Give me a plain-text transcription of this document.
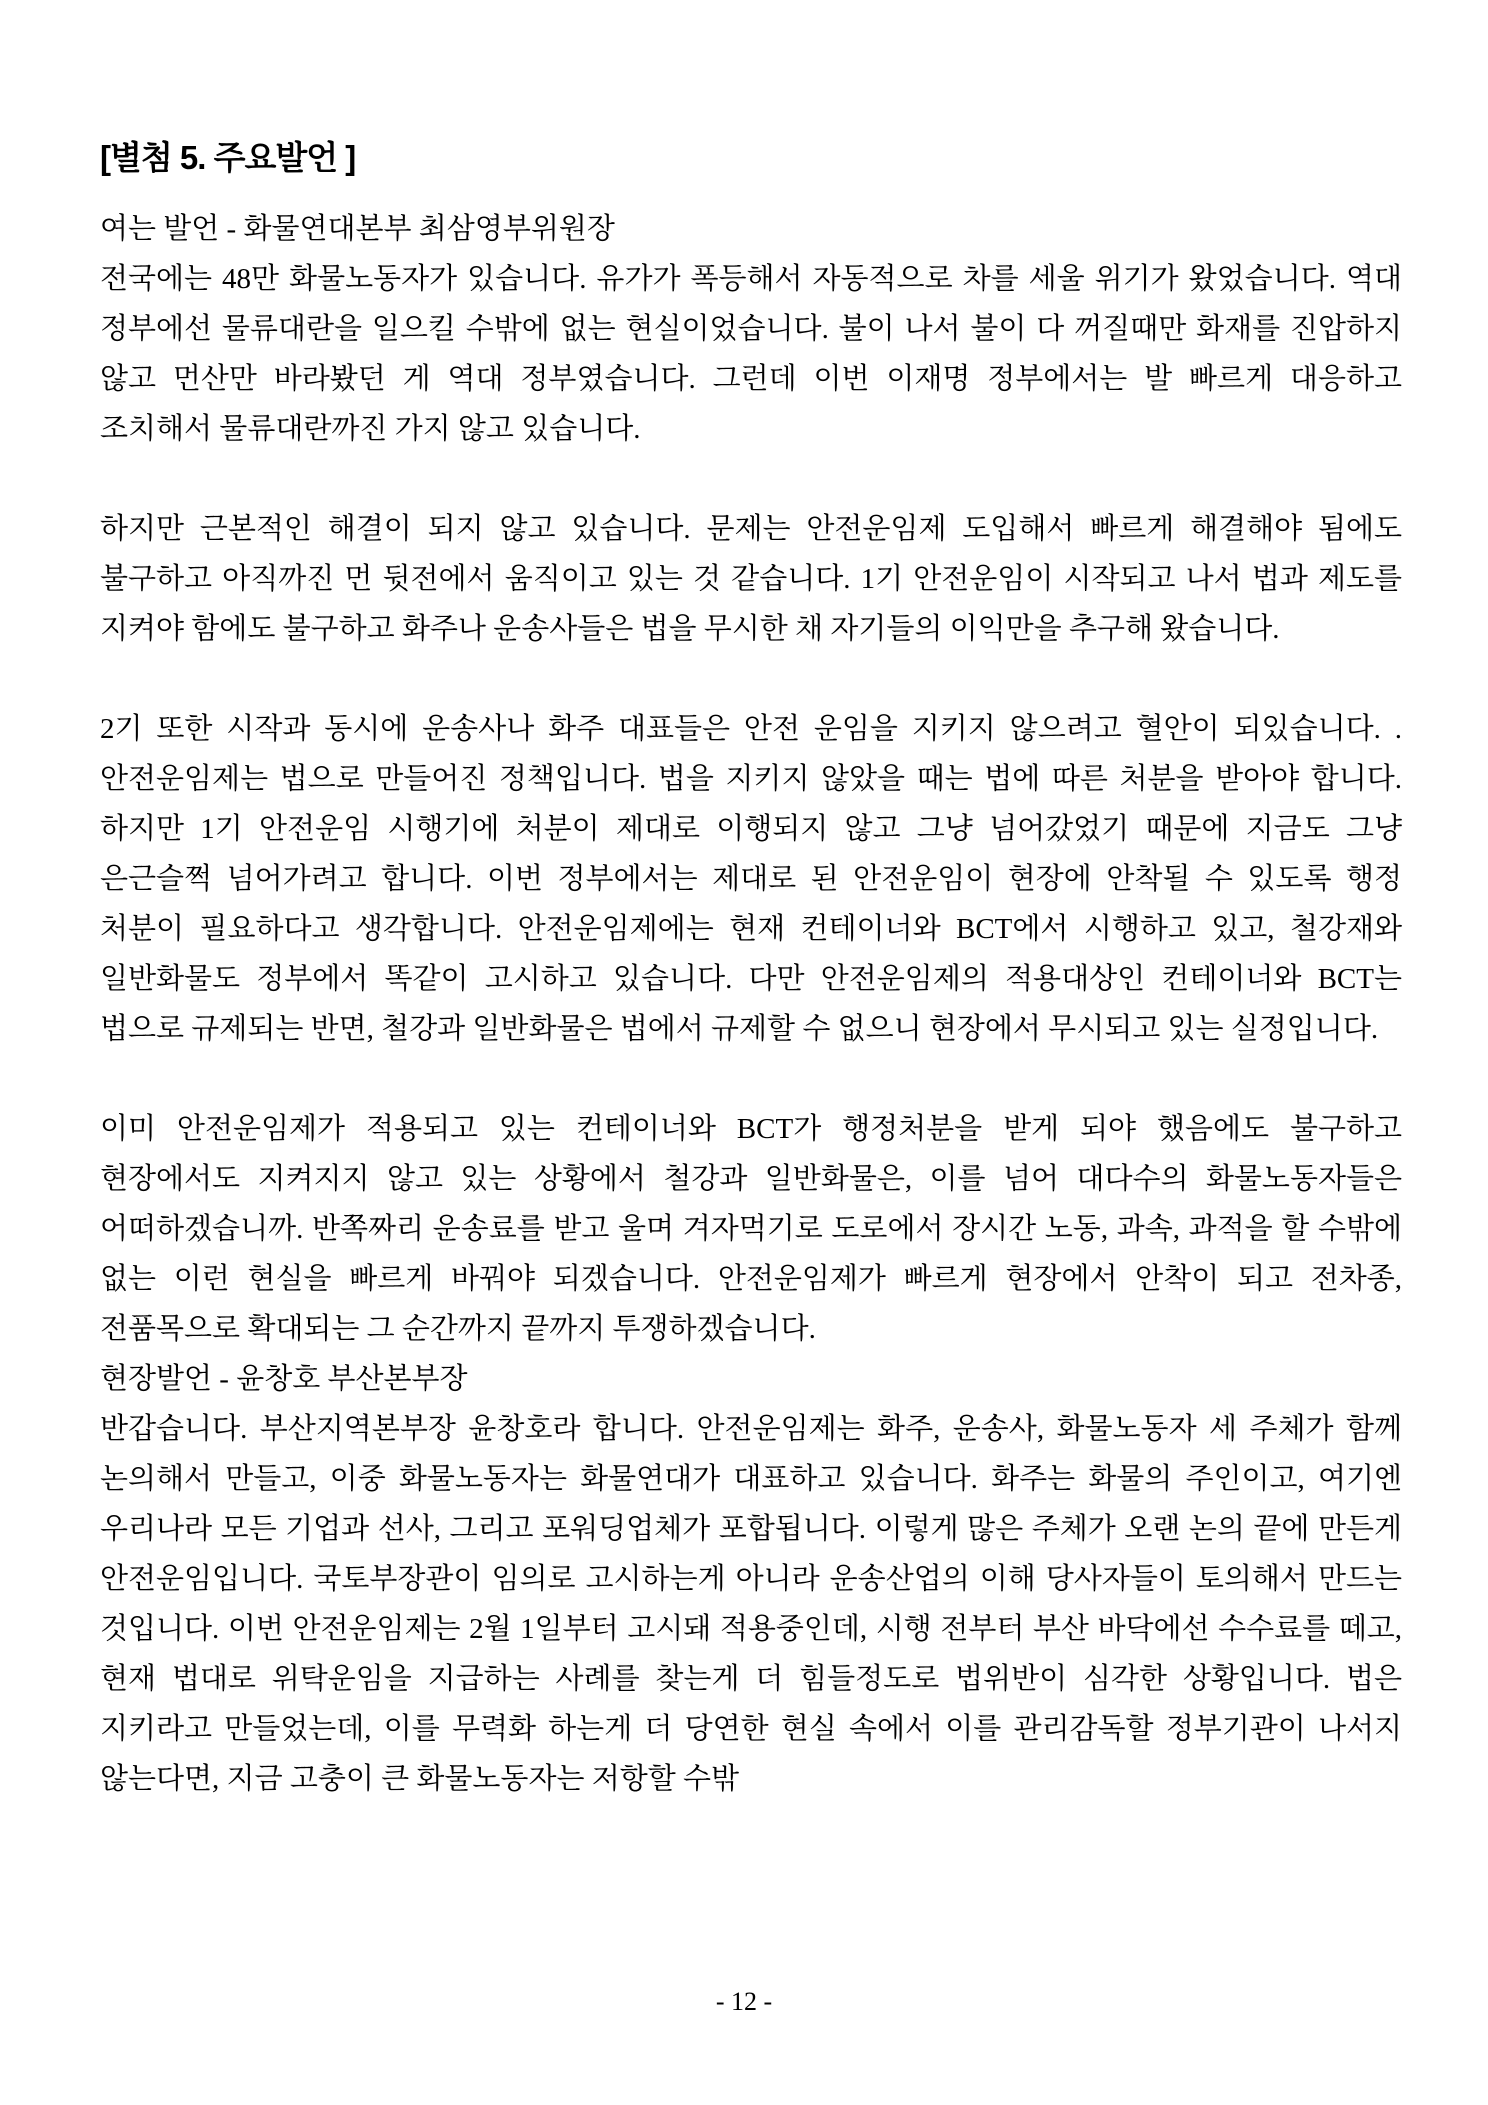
[별첨 5. 주요발언 ]
여는 발언 - 화물연대본부 최삼영부위원장

전국에는 48만 화물노동자가 있습니다. 유가가 폭등해서 자동적으로 차를 세울 위기가 왔었습니다. 역대 정부에선 물류대란을 일으킬 수밖에 없는 현실이었습니다. 불이 나서 불이 다 꺼질때만 화재를 진압하지 않고 먼산만 바라봤던 게 역대 정부였습니다. 그런데 이번 이재명 정부에서는 발 빠르게 대응하고 조치해서 물류대란까진 가지 않고 있습니다.

하지만 근본적인 해결이 되지 않고 있습니다. 문제는 안전운임제 도입해서 빠르게 해결해야 됨에도 불구하고 아직까진 먼 뒷전에서 움직이고 있는 것 같습니다. 1기 안전운임이 시작되고 나서 법과 제도를 지켜야 함에도 불구하고 화주나 운송사들은 법을 무시한 채 자기들의 이익만을 추구해 왔습니다.

2기 또한 시작과 동시에 운송사나 화주 대표들은 안전 운임을 지키지 않으려고 혈안이 되있습니다. .안전운임제는 법으로 만들어진 정책입니다. 법을 지키지 않았을 때는 법에 따른 처분을 받아야 합니다. 하지만 1기 안전운임 시행기에 처분이 제대로 이행되지 않고 그냥 넘어갔었기 때문에 지금도 그냥 은근슬쩍 넘어가려고 합니다. 이번 정부에서는 제대로 된 안전운임이 현장에 안착될 수 있도록 행정 처분이 필요하다고 생각합니다. 안전운임제에는 현재 컨테이너와 BCT에서 시행하고 있고, 철강재와 일반화물도 정부에서 똑같이 고시하고 있습니다. 다만 안전운임제의 적용대상인 컨테이너와 BCT는 법으로 규제되는 반면, 철강과 일반화물은 법에서 규제할 수 없으니 현장에서 무시되고 있는 실정입니다.

이미 안전운임제가 적용되고 있는 컨테이너와 BCT가 행정처분을 받게 되야 했음에도 불구하고 현장에서도 지켜지지 않고 있는 상황에서 철강과 일반화물은, 이를 넘어 대다수의 화물노동자들은 어떠하겠습니까. 반쪽짜리 운송료를 받고 울며 겨자먹기로 도로에서 장시간 노동, 과속, 과적을 할 수밖에 없는 이런 현실을 빠르게 바꿔야 되겠습니다. 안전운임제가 빠르게 현장에서 안착이 되고 전차종, 전품목으로 확대되는 그 순간까지 끝까지 투쟁하겠습니다.

현장발언 - 윤창호 부산본부장

반갑습니다. 부산지역본부장 윤창호라 합니다. 안전운임제는 화주, 운송사, 화물노동자 세 주체가 함께 논의해서 만들고, 이중 화물노동자는 화물연대가 대표하고 있습니다. 화주는 화물의 주인이고, 여기엔 우리나라 모든 기업과 선사, 그리고 포워딩업체가 포합됩니다. 이렇게 많은 주체가 오랜 논의 끝에 만든게 안전운임입니다. 국토부장관이 임의로 고시하는게 아니라 운송산업의 이해 당사자들이 토의해서 만드는 것입니다. 이번 안전운임제는 2월 1일부터 고시돼 적용중인데, 시행 전부터 부산 바닥에선 수수료를 떼고, 현재 법대로 위탁운임을 지급하는 사례를 찾는게 더 힘들정도로 법위반이 심각한 상황입니다. 법은 지키라고 만들었는데, 이를 무력화 하는게 더 당연한 현실 속에서 이를 관리감독할 정부기관이 나서지 않는다면, 지금 고충이 큰 화물노동자는 저항할 수밖

- 12 -
